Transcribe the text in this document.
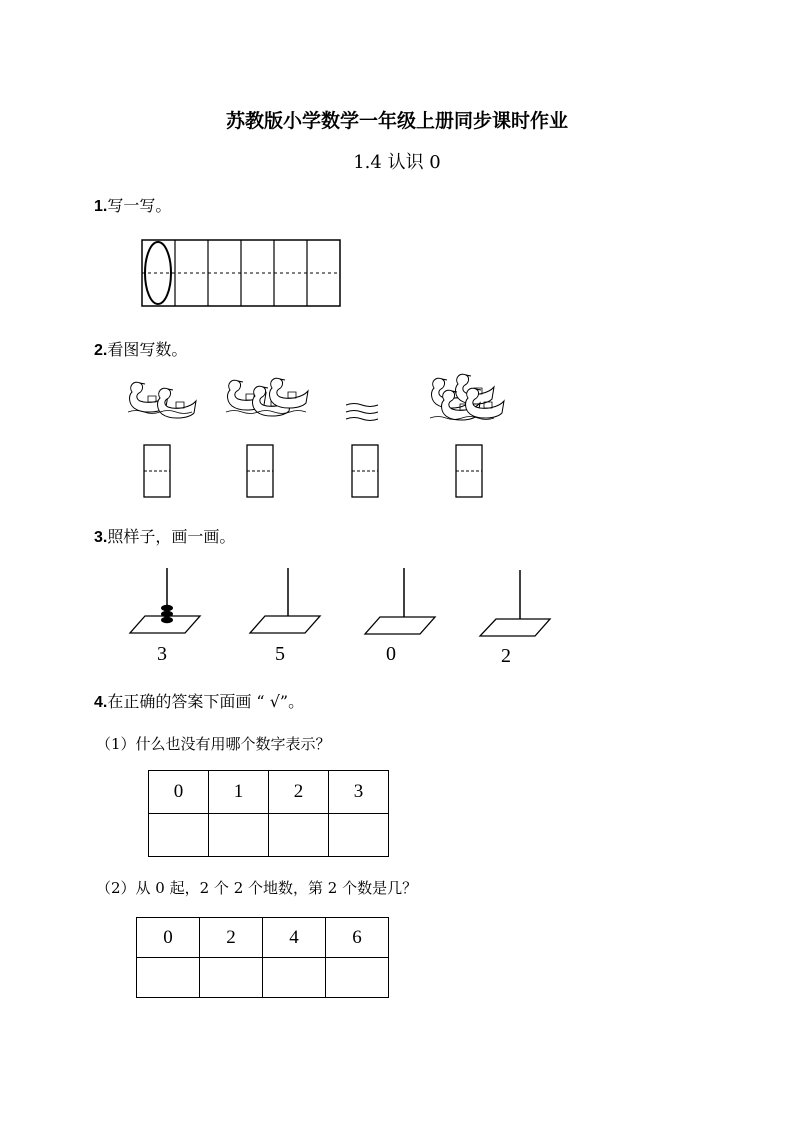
苏教版小学数学一年级上册同步课时作业
1.4 认识 0
1.写一写。
2.看图写数。
3.照样子，画一画。
3	5	0	2
4.在正确的答案下面画 “ √”。
（1）什么也没有用哪个数字表示？
0	1	2	3

（2）从 0 起，2 个 2 个地数，第 2 个数是几？
0	2	4	6
